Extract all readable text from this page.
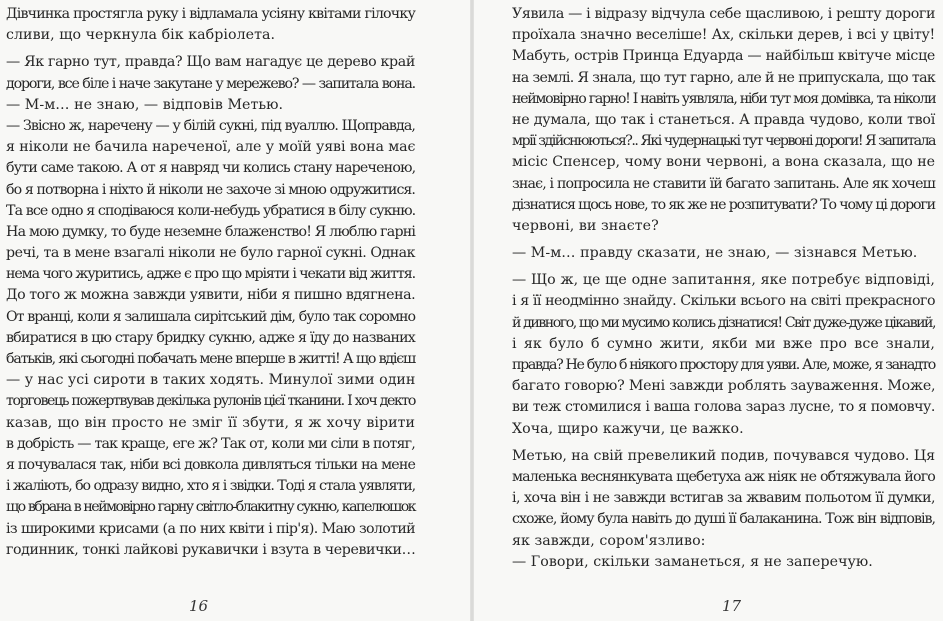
Дівчинка простягла руку і відламала усіяну квітами гілочку
сливи, що черкнула бік кабріолета.
— Як гарно тут, правда? Що вам нагадує це дерево край
дороги, все біле і наче закутане у мережево? — запитала вона.
— М-м… не знаю, — відповів Метью.
— Звісно ж, наречену — у білій сукні, під вуаллю. Щоправда,
я ніколи не бачила нареченої, але у моїй уяві вона має
бути саме такою. А от я навряд чи колись стану нареченою,
бо я потворна і ніхто й ніколи не захоче зі мною одружитися.
Та все одно я сподіваюся коли-небудь убратися в білу сукню.
На мою думку, то буде неземне блаженство! Я люблю гарні
речі, та в мене взагалі ніколи не було гарної сукні. Однак
нема чого журитись, адже є про що мріяти і чекати від життя.
До того ж можна завжди уявити, ніби я пишно вдягнена.
От вранці, коли я залишала сирітський дім, було так соромно
вбиратися в цю стару бридку сукню, адже я їду до названих
батьків, які сьогодні побачать мене вперше в житті! А що вдієш
— у нас усі сироти в таких ходять. Минулої зими один
торговець пожертвував декілька рулонів цієї тканини. І хоч декто
казав, що він просто не зміг її збути, я ж хочу вірити
в добрість — так краще, еге ж? Так от, коли ми сіли в потяг,
я почувалася так, ніби всі довкола дивляться тільки на мене
і жаліють, бо одразу видно, хто я і звідки. Тоді я стала уявляти,
що вбрана в неймовірно гарну світло-блакитну сукню, капелюшок
із широкими крисами (а по них квіти і пір'я). Маю золотий
годинник, тонкі лайкові рукавички і взута в черевички…
16
Уявила — і відразу відчула себе щасливою, і решту дороги
проїхала значно веселіше! Ах, скільки дерев, і всі у цвіту!
Мабуть, острів Принца Едуарда — найбільш квітуче місце
на землі. Я знала, що тут гарно, але й не припускала, що так
неймовірно гарно! І навіть уявляла, ніби тут моя домівка, та ніколи
не думала, що так і станеться. А правда чудово, коли твої
мрії здійснюються?.. Які чудернацькі тут червоні дороги! Я запитала
місіс Спенсер, чому вони червоні, а вона сказала, що не
знає, і попросила не ставити їй багато запитань. Але як хочеш
дізнатися щось нове, то як же не розпитувати? То чому ці дороги
червоні, ви знаєте?
— М-м… правду сказати, не знаю, — зізнався Метью.
— Що ж, це ще одне запитання, яке потребує відповіді,
і я її неодмінно знайду. Скільки всього на світі прекрасного
й дивного, що ми мусимо колись дізнатися! Світ дуже-дуже цікавий,
і як було б сумно жити, якби ми вже про все знали,
правда? Не було б ніякого простору для уяви. Але, може, я занадто
багато говорю? Мені завжди роблять зауваження. Може,
ви теж стомилися і ваша голова зараз лусне, то я помовчу.
Хоча, щиро кажучи, це важко.
Метью, на свій превеликий подив, почувався чудово. Ця
маленька веснянкувата щебетуха аж ніяк не обтяжувала його
і, хоча він і не завжди встигав за жвавим польотом її думки,
схоже, йому була навіть до душі її балаканина. Тож він відповів,
як завжди, сором'язливо:
— Говори, скільки заманеться, я не заперечую.
17
